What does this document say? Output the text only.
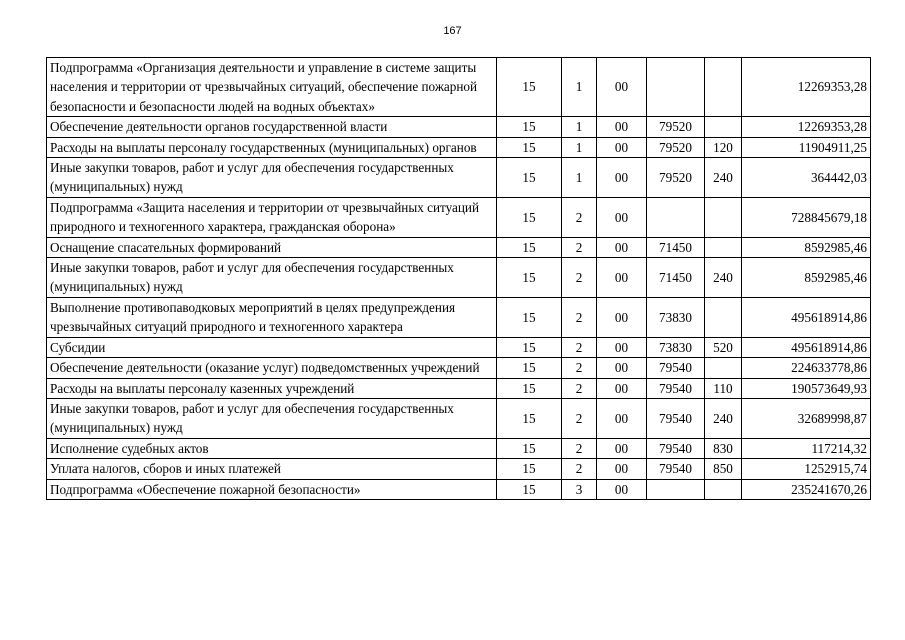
167
Подпрограмма «Организация деятельности и управление в системе защиты населения и территории от чрезвычайных ситуаций, обеспечение пожарной безопасности и безопасности людей на водных объектах»	15	1	00			12269353,28
Обеспечение деятельности органов государственной власти	15	1	00	79520		12269353,28
Расходы на выплаты персоналу государственных (муниципальных) органов	15	1	00	79520	120	11904911,25
Иные закупки товаров, работ и услуг для обеспечения государственных (муниципальных) нужд	15	1	00	79520	240	364442,03
Подпрограмма «Защита населения и территории от чрезвычайных ситуаций природного и техногенного характера, гражданская оборона»	15	2	00			728845679,18
Оснащение спасательных формирований	15	2	00	71450		8592985,46
Иные закупки товаров, работ и услуг для обеспечения государственных (муниципальных) нужд	15	2	00	71450	240	8592985,46
Выполнение противопаводковых мероприятий в целях предупреждения чрезвычайных ситуаций природного и техногенного характера	15	2	00	73830		495618914,86
Субсидии	15	2	00	73830	520	495618914,86
Обеспечение деятельности (оказание услуг) подведомственных учреждений	15	2	00	79540		224633778,86
Расходы на выплаты персоналу казенных учреждений	15	2	00	79540	110	190573649,93
Иные закупки товаров, работ и услуг для обеспечения государственных (муниципальных) нужд	15	2	00	79540	240	32689998,87
Исполнение судебных актов	15	2	00	79540	830	117214,32
Уплата налогов, сборов и иных платежей	15	2	00	79540	850	1252915,74
Подпрограмма «Обеспечение пожарной безопасности»	15	3	00			235241670,26
